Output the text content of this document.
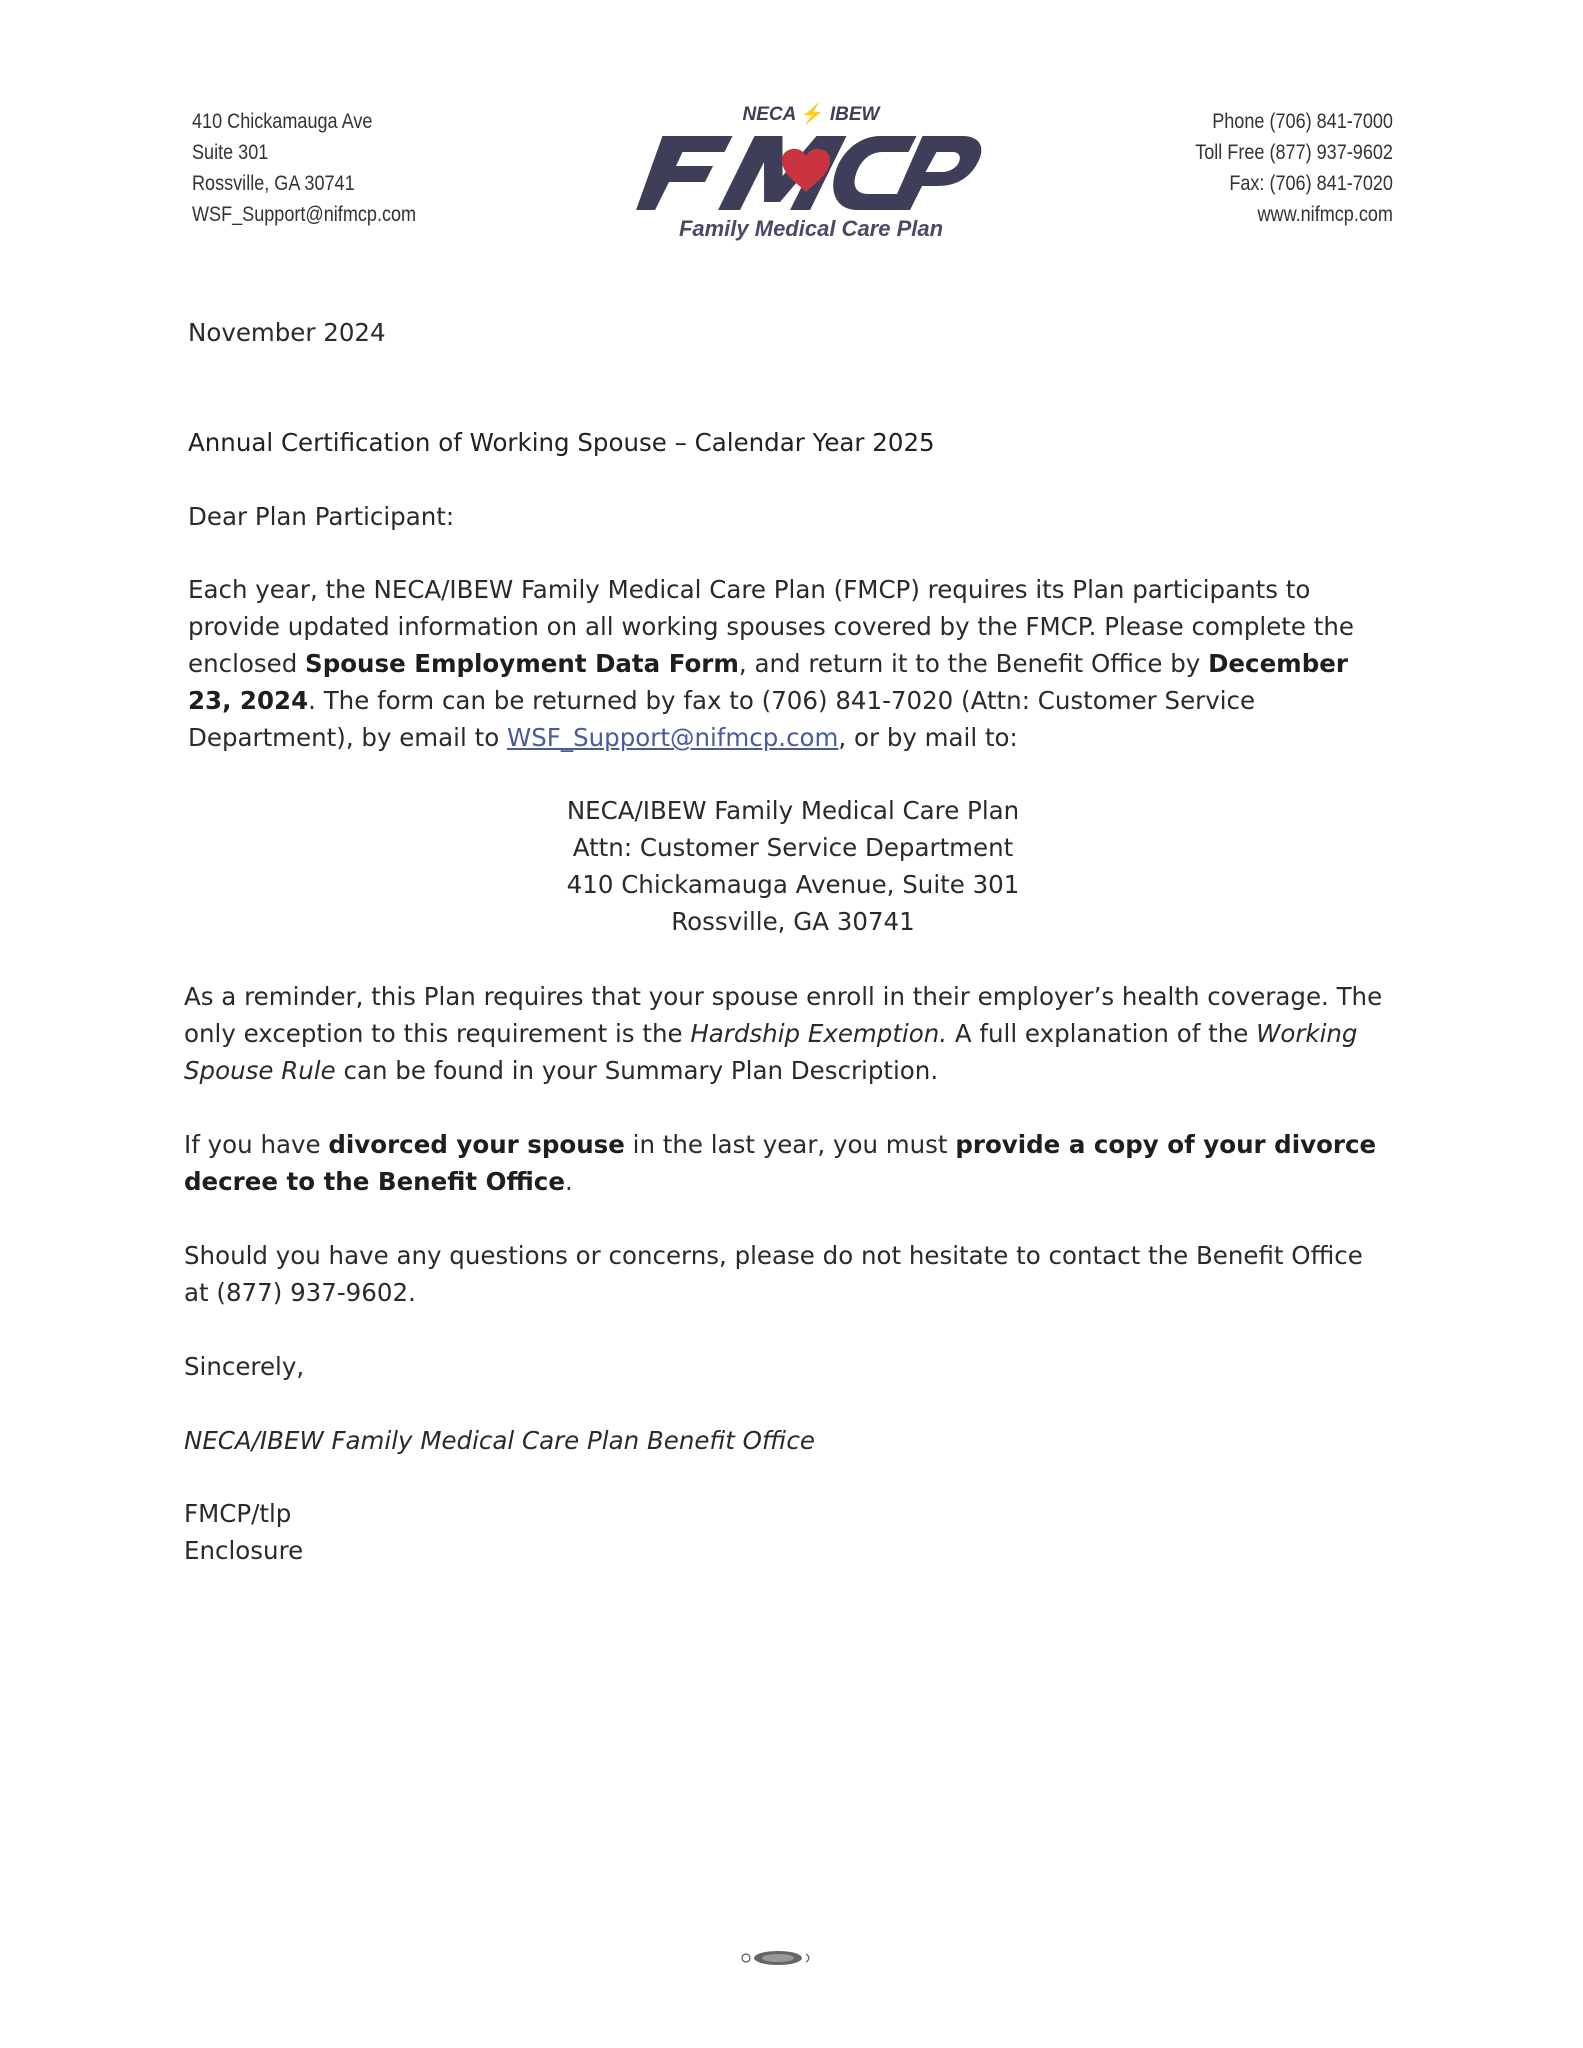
410 Chickamauga Ave
Suite 301
Rossville, GA 30741
WSF_Support@nifmcp.com
NECA ⚡ IBEW
Family Medical Care Plan
Phone (706) 841-7000
Toll Free (877) 937-9602
Fax: (706) 841-7020
www.nifmcp.com
November 2024
Annual Certification of Working Spouse – Calendar Year 2025
Dear Plan Participant:
Each year, the NECA/IBEW Family Medical Care Plan (FMCP) requires its Plan participants to provide updated information on all working spouses covered by the FMCP. Please complete the enclosed Spouse Employment Data Form, and return it to the Benefit Office by December 23, 2024. The form can be returned by fax to (706) 841-7020 (Attn: Customer Service Department), by email to WSF_Support@nifmcp.com, or by mail to:
NECA/IBEW Family Medical Care Plan
Attn: Customer Service Department
410 Chickamauga Avenue, Suite 301
Rossville, GA 30741
As a reminder, this Plan requires that your spouse enroll in their employer’s health coverage. The only exception to this requirement is the Hardship Exemption. A full explanation of the Working Spouse Rule can be found in your Summary Plan Description.
If you have divorced your spouse in the last year, you must provide a copy of your divorce decree to the Benefit Office.
Should you have any questions or concerns, please do not hesitate to contact the Benefit Office at (877) 937-9602.
Sincerely,
NECA/IBEW Family Medical Care Plan Benefit Office
FMCP/tlp
Enclosure
